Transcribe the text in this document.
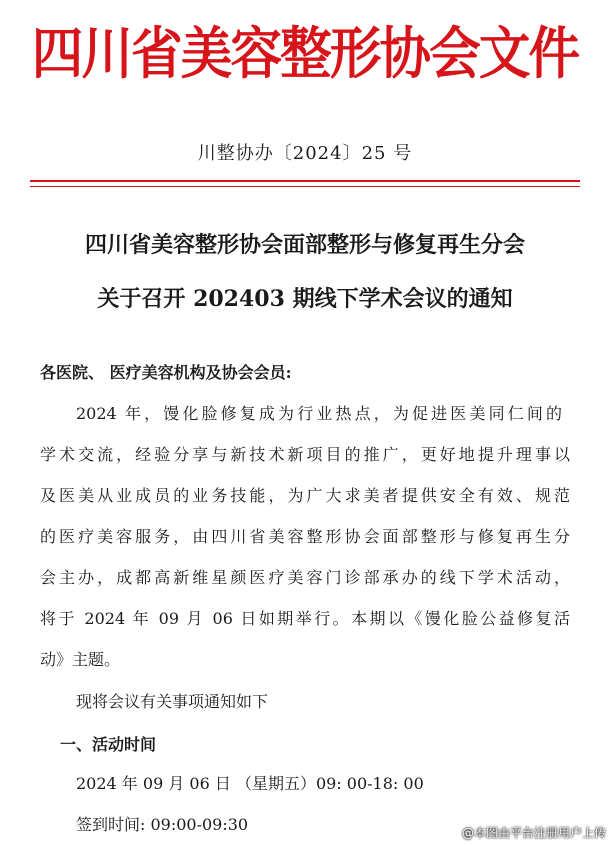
四川省美容整形协会文件
川整协办〔2024〕25 号
四川省美容整形协会面部整形与修复再生分会
关于召开 202403 期线下学术会议的通知
各医院、 医疗美容机构及协会会员:
2024 年，馒化脸修复成为行业热点，为促进医美同仁间的
学术交流，经验分享与新技术新项目的推广，更好地提升理事以
及医美从业成员的业务技能，为广大求美者提供安全有效、规范
的医疗美容服务，由四川省美容整形协会面部整形与修复再生分
会主办，成都高新维星颜医疗美容门诊部承办的线下学术活动，
将于 2024 年 09 月 06 日如期举行。本期以《馒化脸公益修复活
动》主题。
现将会议有关事项通知如下
一、活动时间
2024 年 09 月 06 日 （星期五）09: 00-18: 00
签到时间: 09:00-09:30	@本图由平台注册用户上传
